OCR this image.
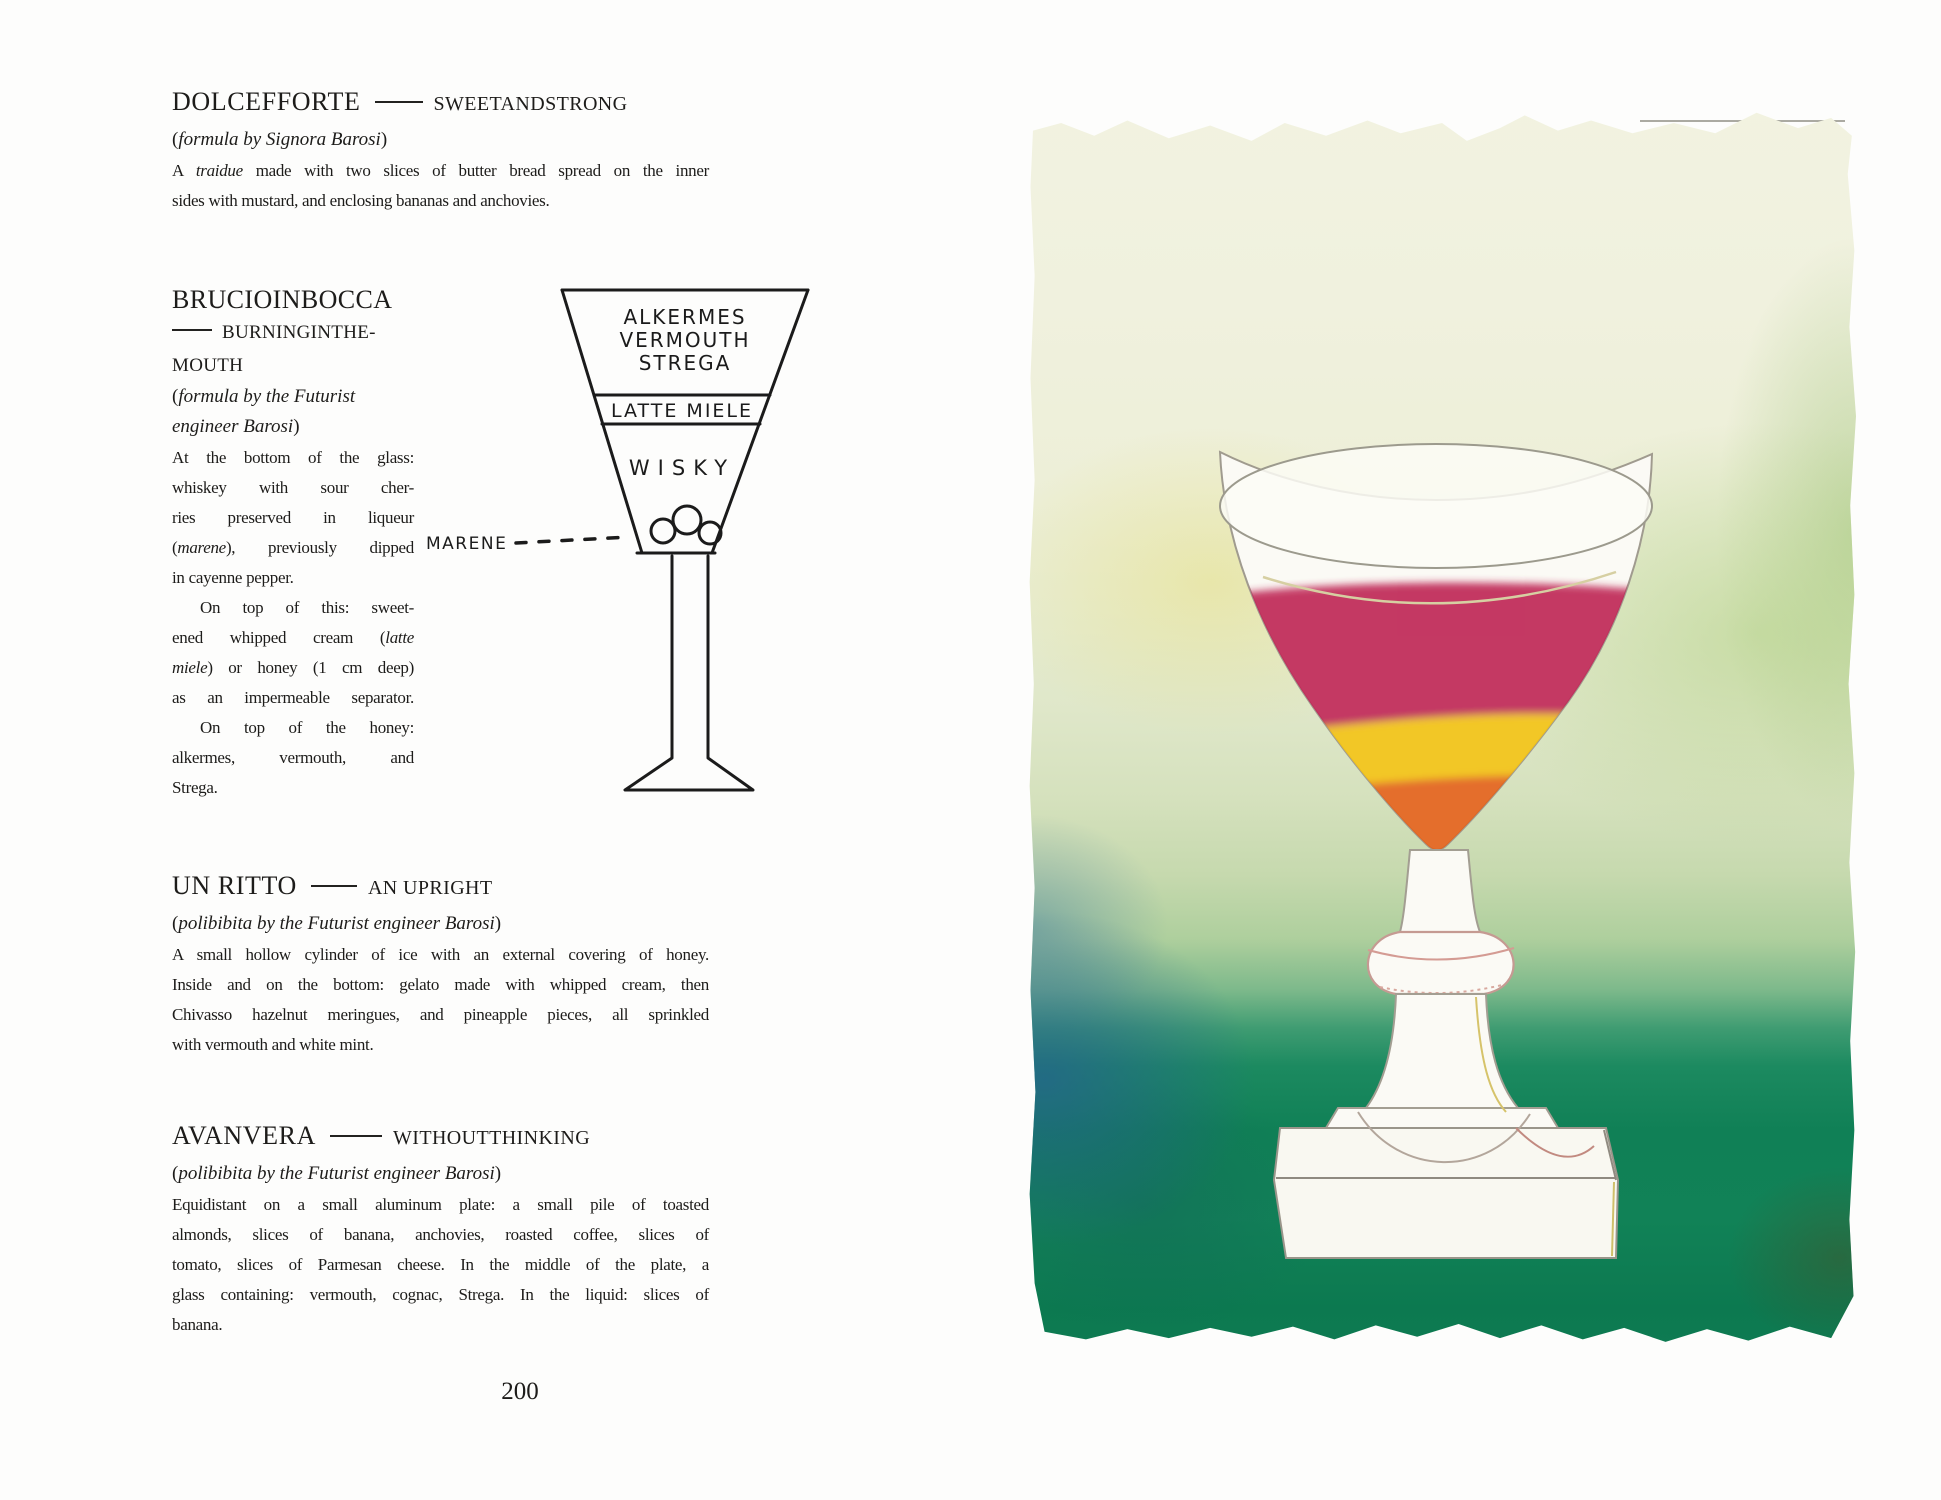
DOLCEFFORTE	SWEETANDSTRONG
(formula by Signora Barosi)
A traidue made with two slices of butter bread spread on the inner
sides with mustard, and enclosing bananas and anchovies.
BRUCIOINBOCCA
BURNINGINTHE-
MOUTH
(formula by the Futurist
engineer Barosi)
At the bottom of the glass:
whiskey with sour cher-
ries preserved in liqueur
(marene), previously dipped
in cayenne pepper.
On top of this: sweet-
ened whipped cream (latte
miele) or honey (1 cm deep)
as an impermeable separator.
On top of the honey:
alkermes, vermouth, and
Strega.
ALKERMES
VERMOUTH
STREGA
LATTE MIELE
WISKY
MARENE
UN RITTO	AN UPRIGHT
(polibibita by the Futurist engineer Barosi)
A small hollow cylinder of ice with an external covering of honey.
Inside and on the bottom: gelato made with whipped cream, then
Chivasso hazelnut meringues, and pineapple pieces, all sprinkled
with vermouth and white mint.
AVANVERA	WITHOUTTHINKING
(polibibita by the Futurist engineer Barosi)
Equidistant on a small aluminum plate: a small pile of toasted
almonds, slices of banana, anchovies, roasted coffee, slices of
tomato, slices of Parmesan cheese. In the middle of the plate, a
glass containing: vermouth, cognac, Strega. In the liquid: slices of
banana.
200
